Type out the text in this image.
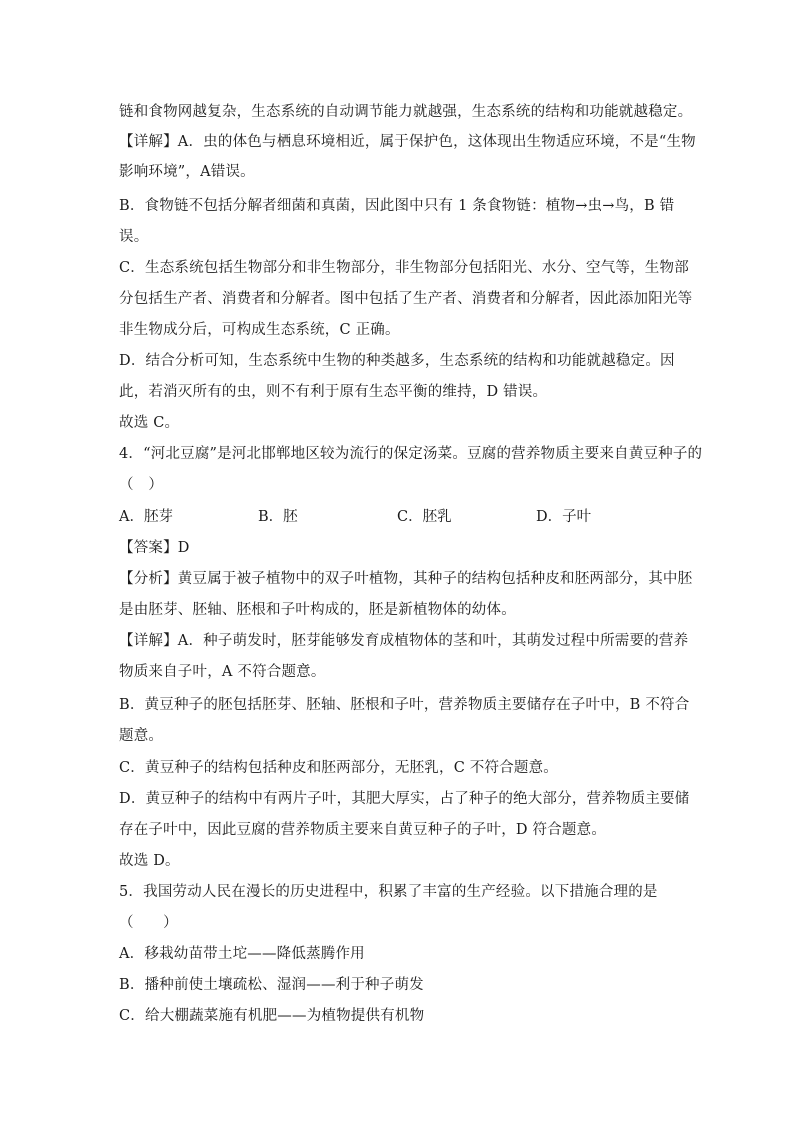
链和食物网越复杂，生态系统的自动调节能力就越强，生态系统的结构和功能就越稳定。
【详解】A．虫的体色与栖息环境相近，属于保护色，这体现出生物适应环境，不是“生物
影响环境”，A错误。
B．食物链不包括分解者细菌和真菌，因此图中只有 1 条食物链：植物→虫→鸟，B 错
误。
C．生态系统包括生物部分和非生物部分，非生物部分包括阳光、水分、空气等，生物部
分包括生产者、消费者和分解者。图中包括了生产者、消费者和分解者，因此添加阳光等
非生物成分后，可构成生态系统，C 正确。
D．结合分析可知，生态系统中生物的种类越多，生态系统的结构和功能就越稳定。因
此，若消灭所有的虫，则不有利于原有生态平衡的维持，D 错误。
故选 C。
4．“河北豆腐”是河北邯郸地区较为流行的保定汤菜。豆腐的营养物质主要来自黄豆种子的
（　）
A．胚芽	B．胚	C．胚乳	D．子叶
【答案】D
【分析】黄豆属于被子植物中的双子叶植物，其种子的结构包括种皮和胚两部分，其中胚
是由胚芽、胚轴、胚根和子叶构成的，胚是新植物体的幼体。
【详解】A．种子萌发时，胚芽能够发育成植物体的茎和叶，其萌发过程中所需要的营养
物质来自子叶，A 不符合题意。
B．黄豆种子的胚包括胚芽、胚轴、胚根和子叶，营养物质主要储存在子叶中，B 不符合
题意。
C．黄豆种子的结构包括种皮和胚两部分，无胚乳，C 不符合题意。
D．黄豆种子的结构中有两片子叶，其肥大厚实，占了种子的绝大部分，营养物质主要储
存在子叶中，因此豆腐的营养物质主要来自黄豆种子的子叶，D 符合题意。
故选 D。
5．我国劳动人民在漫长的历史进程中，积累了丰富的生产经验。以下措施合理的是
（　　）
A．移栽幼苗带土坨——降低蒸腾作用
B．播种前使土壤疏松、湿润——利于种子萌发
C．给大棚蔬菜施有机肥——为植物提供有机物
